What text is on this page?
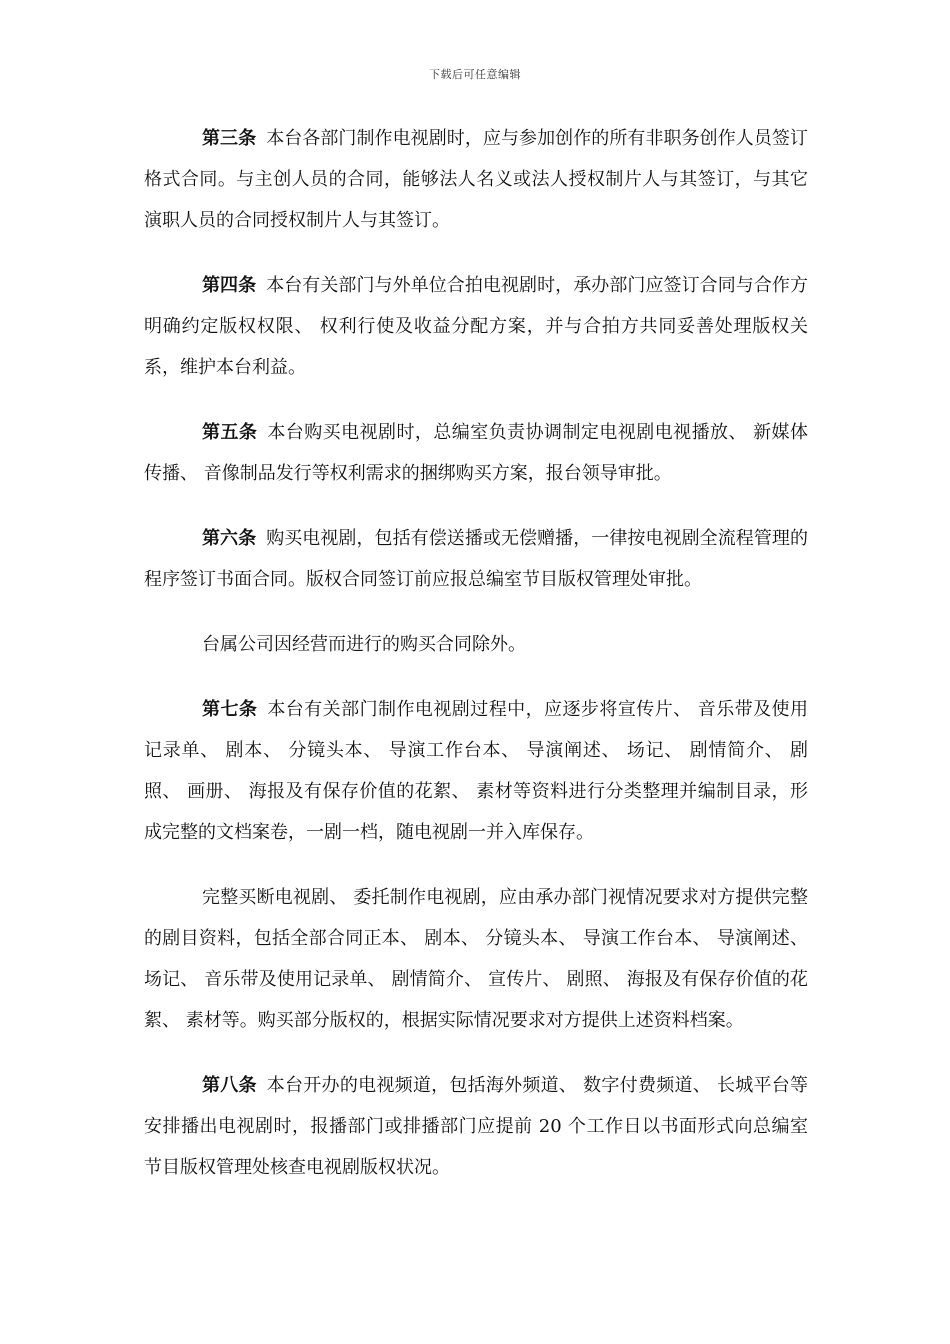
下载后可任意编辑

第三条 本台各部门制作电视剧时，应与参加创作的所有非职务创作人员签订格式合同。与主创人员的合同，能够法人名义或法人授权制片人与其签订，与其它演职人员的合同授权制片人与其签订。

第四条 本台有关部门与外单位合拍电视剧时，承办部门应签订合同与合作方明确约定版权权限、 权利行使及收益分配方案，并与合拍方共同妥善处理版权关系，维护本台利益。

第五条 本台购买电视剧时，总编室负责协调制定电视剧电视播放、 新媒体传播、 音像制品发行等权利需求的捆绑购买方案，报台领导审批。

第六条 购买电视剧，包括有偿送播或无偿赠播，一律按电视剧全流程管理的程序签订书面合同。版权合同签订前应报总编室节目版权管理处审批。

台属公司因经营而进行的购买合同除外。

第七条 本台有关部门制作电视剧过程中，应逐步将宣传片、 音乐带及使用记录单、 剧本、 分镜头本、 导演工作台本、 导演阐述、 场记、 剧情简介、 剧照、 画册、 海报及有保存价值的花絮、 素材等资料进行分类整理并编制目录，形成完整的文档案卷，一剧一档，随电视剧一并入库保存。

完整买断电视剧、 委托制作电视剧，应由承办部门视情况要求对方提供完整的剧目资料，包括全部合同正本、 剧本、 分镜头本、 导演工作台本、 导演阐述、 场记、 音乐带及使用记录单、 剧情简介、 宣传片、 剧照、 海报及有保存价值的花絮、 素材等。购买部分版权的，根据实际情况要求对方提供上述资料档案。

第八条 本台开办的电视频道，包括海外频道、 数字付费频道、 长城平台等安排播出电视剧时，报播部门或排播部门应提前 20 个工作日以书面形式向总编室节目版权管理处核查电视剧版权状况。
